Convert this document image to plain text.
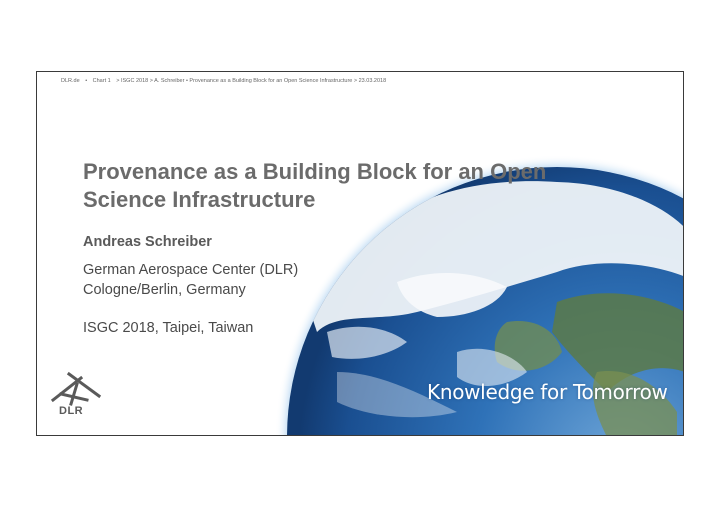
DLR.de • Chart 1 > ISGC 2018 > A. Schreiber • Provenance as a Building Block for an Open Science Infrastructure > 23.03.2018
Provenance as a Building Block for an Open Science Infrastructure
Andreas Schreiber
German Aerospace Center (DLR)
Cologne/Berlin, Germany
ISGC 2018, Taipei, Taiwan
Knowledge for Tomorrow
DLR
